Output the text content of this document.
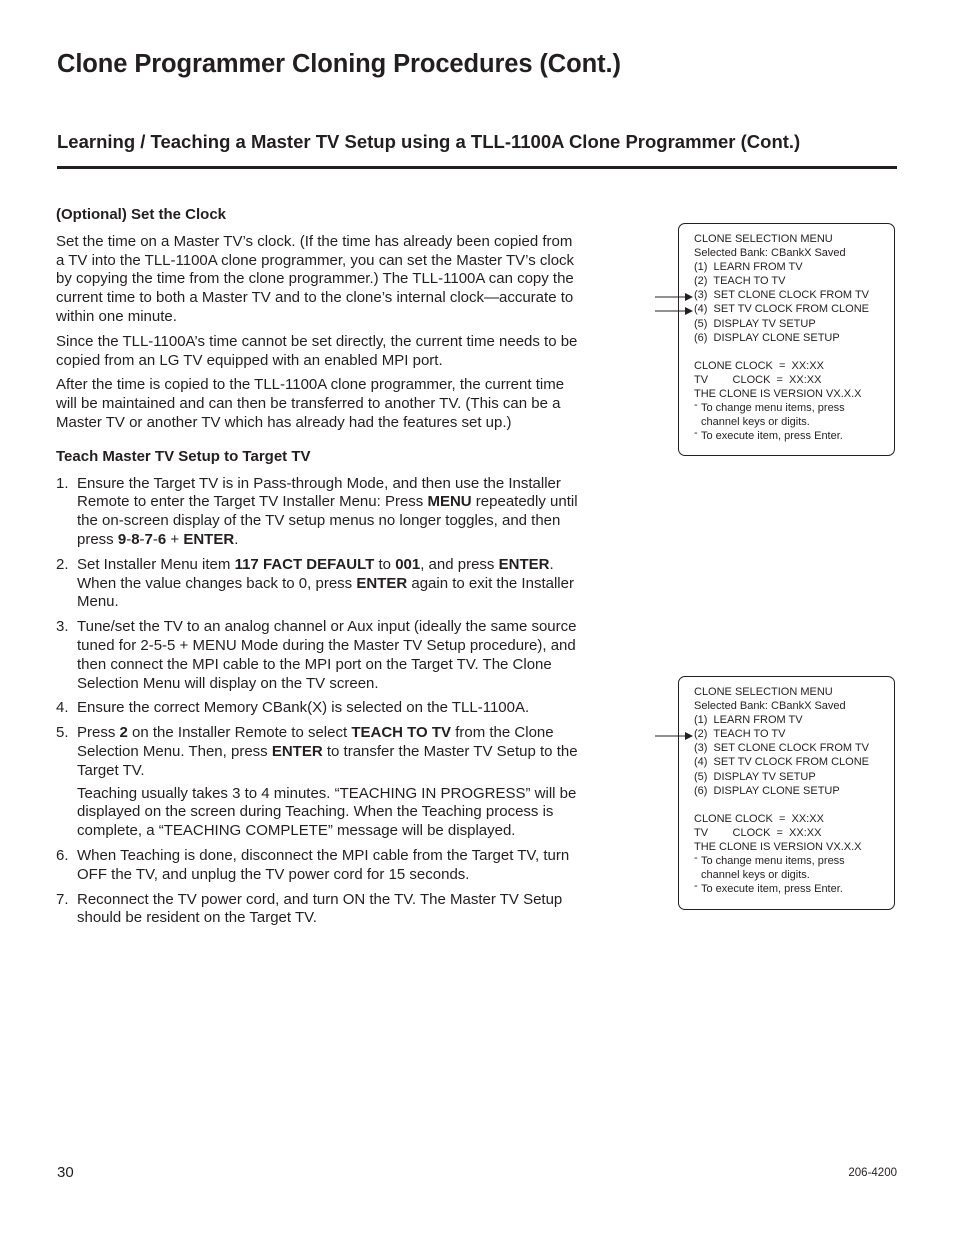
Clone Programmer Cloning Procedures (Cont.)
Learning / Teaching a Master TV Setup using a TLL-1100A Clone Programmer (Cont.)
(Optional) Set the Clock

Set the time on a Master TV’s clock. (If the time has already been copied from a TV into the TLL-1100A clone programmer, you can set the Master TV’s clock by copying the time from the clone programmer.) The TLL-1100A can copy the current time to both a Master TV and to the clone’s internal clock—accurate to within one minute.

Since the TLL-1100A’s time cannot be set directly, the current time needs to be copied from an LG TV equipped with an enabled MPI port.

After the time is copied to the TLL-1100A clone programmer, the current time will be maintained and can then be transferred to another TV. (This can be a Master TV or another TV which has already had the features set up.)

Teach Master TV Setup to Target TV
1. Ensure the Target TV is in Pass-through Mode, and then use the Installer Remote to enter the Target TV Installer Menu: Press MENU repeatedly until the on-screen display of the TV setup menus no longer toggles, and then press 9-8-7-6 + ENTER.
2. Set Installer Menu item 117 FACT DEFAULT to 001, and press ENTER. When the value changes back to 0, press ENTER again to exit the Installer Menu.
3. Tune/set the TV to an analog channel or Aux input (ideally the same source tuned for 2-5-5 + MENU Mode during the Master TV Setup procedure), and then connect the MPI cable to the MPI port on the Target TV. The Clone Selection Menu will display on the TV screen.
4. Ensure the correct Memory CBank(X) is selected on the TLL-1100A.
5. Press 2 on the Installer Remote to select TEACH TO TV from the Clone Selection Menu. Then, press ENTER to transfer the Master TV Setup to the Target TV.
Teaching usually takes 3 to 4 minutes. “TEACHING IN PROGRESS” will be displayed on the screen during Teaching. When the Teaching process is complete, a “TEACHING COMPLETE” message will be displayed.
6. When Teaching is done, disconnect the MPI cable from the Target TV, turn OFF the TV, and unplug the TV power cord for 15 seconds.
7. Reconnect the TV power cord, and turn ON the TV. The Master TV Setup should be resident on the Target TV.
CLONE SELECTION MENU
Selected Bank: CBankX Saved
(1)  LEARN FROM TV
(2)  TEACH TO TV
(3)  SET CLONE CLOCK FROM TV
(4)  SET TV CLOCK FROM CLONE
(5)  DISPLAY TV SETUP
(6)  DISPLAY CLONE SETUP
CLONE CLOCK  =  XX:XX
TV        CLOCK  =  XX:XX
THE CLONE IS VERSION VX.X.X
- To change menu items, press
channel keys or digits.
- To execute item, press Enter.
CLONE SELECTION MENU
Selected Bank: CBankX Saved
(1)  LEARN FROM TV
(2)  TEACH TO TV
(3)  SET CLONE CLOCK FROM TV
(4)  SET TV CLOCK FROM CLONE
(5)  DISPLAY TV SETUP
(6)  DISPLAY CLONE SETUP
CLONE CLOCK  =  XX:XX
TV        CLOCK  =  XX:XX
THE CLONE IS VERSION VX.X.X
- To change menu items, press
channel keys or digits.
- To execute item, press Enter.
30	206-4200
